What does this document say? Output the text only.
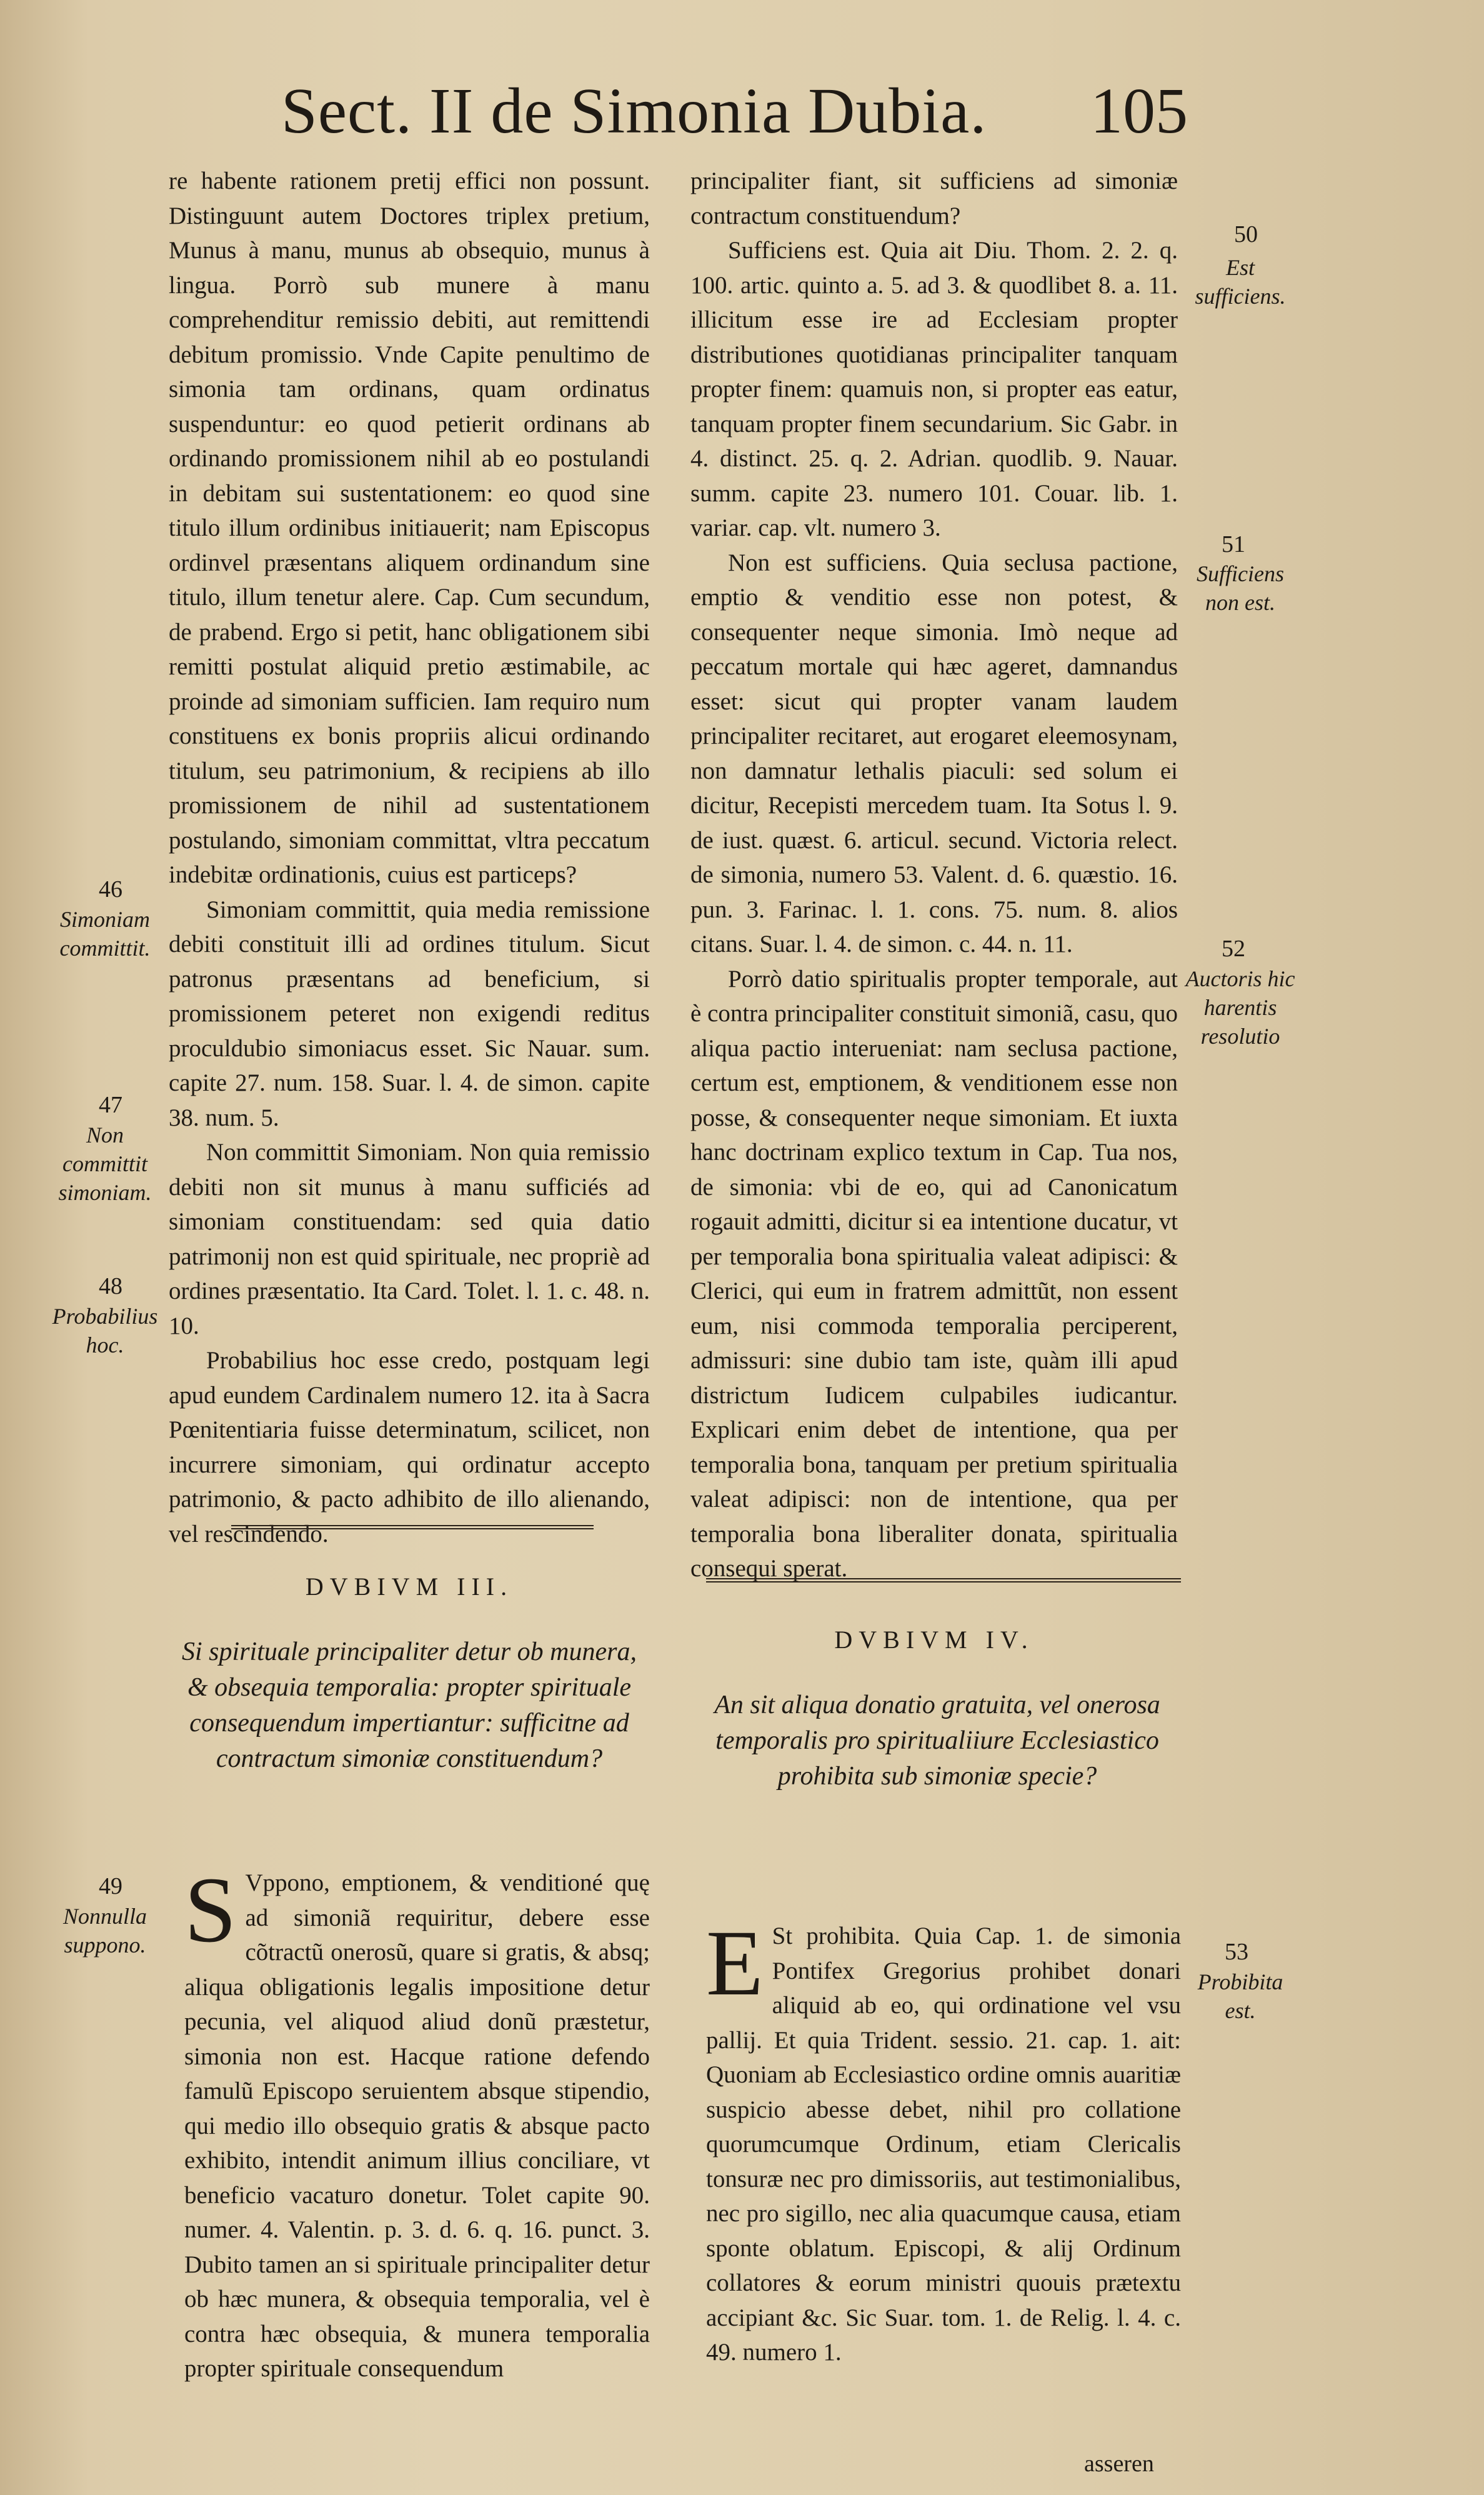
Sect. II de Simonia Dubia.	105

re habente rationem pretij effici non possunt. Distinguunt autem Doctores triplex pretium, Munus à manu, munus ab obsequio, munus à lingua. Porrò sub munere à manu comprehenditur remissio debiti, aut remittendi debitum promissio. Vnde Capite penultimo de simonia tam ordinans, quam ordinatus suspenduntur: eo quod petierit ordinans ab ordinando promissionem nihil ab eo postulandi in debitam sui sustentationem: eo quod sine titulo illum ordinibus initiauerit; nam Episcopus ordinvel præsentans aliquem ordinandum sine titulo, illum tenetur alere. Cap. Cum secundum, de prabend. Ergo si petit, hanc obligationem sibi remitti postulat aliquid pretio æstimabile, ac proinde ad simoniam sufficien. Iam requiro num constituens ex bonis propriis alicui ordinando titulum, seu patrimonium, & recipiens ab illo promissionem de nihil ad sustentationem postulando, simoniam committat, vltra peccatum indebitæ ordinationis, cuius est particeps?

Simoniam committit, quia media remissione debiti constituit illi ad ordines titulum. Sicut patronus præsentans ad beneficium, si promissionem peteret non exigendi reditus proculdubio simoniacus esset. Sic Nauar. sum. capite 27. num. 158. Suar. l. 4. de simon. capite 38. num. 5.

Non committit Simoniam. Non quia remissio debiti non sit munus à manu sufficiés ad simoniam constituendam: sed quia datio patrimonij non est quid spirituale, nec propriè ad ordines præsentatio. Ita Card. Tolet. l. 1. c. 48. n. 10.

Probabilius hoc esse credo, postquam legi apud eundem Cardinalem numero 12. ita à Sacra Pœnitentiaria fuisse determinatum, scilicet, non incurrere simoniam, qui ordinatur accepto patrimonio, & pacto adhibito de illo alienando, vel rescindendo.

DVBIVM III.
Si spirituale principaliter detur ob munera, & obsequia temporalia: propter spirituale consequendum impertiantur: sufficitne ad contractum simoniæ constituendum?
S Vppono, emptionem, & venditioné quę ad simoniã requiritur, debere esse cõtractũ onerosũ, quare si gratis, & absq; aliqua obligationis legalis impositione detur pecunia, vel aliquod aliud donũ præstetur, simonia non est. Hacque ratione defendo famulũ Episcopo seruientem absque stipendio, qui medio illo obsequio gratis & absque pacto exhibito, intendit animum illius conciliare, vt beneficio vacaturo donetur. Tolet capite 90. numer. 4. Valentin. p. 3. d. 6. q. 16. punct. 3. Dubito tamen an si spirituale principaliter detur ob hæc munera, & obsequia temporalia, vel è contra hæc obsequia, & munera temporalia propter spirituale consequendum

principaliter fiant, sit sufficiens ad simoniæ contractum constituendum?

Sufficiens est. Quia ait Diu. Thom. 2. 2. q. 100. artic. quinto a. 5. ad 3. & quodlibet 8. a. 11. illicitum esse ire ad Ecclesiam propter distributiones quotidianas principaliter tanquam propter finem: quamuis non, si propter eas eatur, tanquam propter finem secundarium. Sic Gabr. in 4. distinct. 25. q. 2. Adrian. quodlib. 9. Nauar. summ. capite 23. numero 101. Couar. lib. 1. variar. cap. vlt. numero 3.

Non est sufficiens. Quia seclusa pactione, emptio & venditio esse non potest, & consequenter neque simonia. Imò neque ad peccatum mortale qui hæc ageret, damnandus esset: sicut qui propter vanam laudem principaliter recitaret, aut erogaret eleemosynam, non damnatur lethalis piaculi: sed solum ei dicitur, Recepisti mercedem tuam. Ita Sotus l. 9. de iust. quæst. 6. articul. secund. Victoria relect. de simonia, numero 53. Valent. d. 6. quæstio. 16. pun. 3. Farinac. l. 1. cons. 75. num. 8. alios citans. Suar. l. 4. de simon. c. 44. n. 11.

Porrò datio spiritualis propter temporale, aut è contra principaliter constituit simoniã, casu, quo aliqua pactio interueniat: nam seclusa pactione, certum est, emptionem, & venditionem esse non posse, & consequenter neque simoniam. Et iuxta hanc doctrinam explico textum in Cap. Tua nos, de simonia: vbi de eo, qui ad Canonicatum rogauit admitti, dicitur si ea intentione ducatur, vt per temporalia bona spiritualia valeat adipisci: & Clerici, qui eum in fratrem admittũt, non essent eum, nisi commoda temporalia perciperent, admissuri: sine dubio tam iste, quàm illi apud districtum Iudicem culpabiles iudicantur. Explicari enim debet de intentione, qua per temporalia bona, tanquam per pretium spiritualia valeat adipisci: non de intentione, qua per temporalia bona liberaliter donata, spiritualia consequi sperat.

DVBIVM IV.
An sit aliqua donatio gratuita, vel onerosa temporalis pro spiritualiiure Ecclesiastico prohibita sub simoniæ specie?
E St prohibita. Quia Cap. 1. de simonia Pontifex Gregorius prohibet donari aliquid ab eo, qui ordinatione vel vsu pallij. Et quia Trident. sessio. 21. cap. 1. ait: Quoniam ab Ecclesiastico ordine omnis auaritiæ suspicio abesse debet, nihil pro collatione quorumcumque Ordinum, etiam Clericalis tonsuræ nec pro dimissoriis, aut testimonialibus, nec pro sigillo, nec alia quacumque causa, etiam sponte oblatum. Episcopi, & alij Ordinum collatores & eorum ministri quouis prætextu accipiant &c. Sic Suar. tom. 1. de Relig. l. 4. c. 49. numero 1.
asseren
46
Simoniam committit.
47
Non committit simoniam.
48
Probabilius hoc.
49
Nonnulla suppono.
50
Est sufficiens.
51
Sufficiens non est.
52
Auctoris hic harentis resolutio
53
Probibita est.
